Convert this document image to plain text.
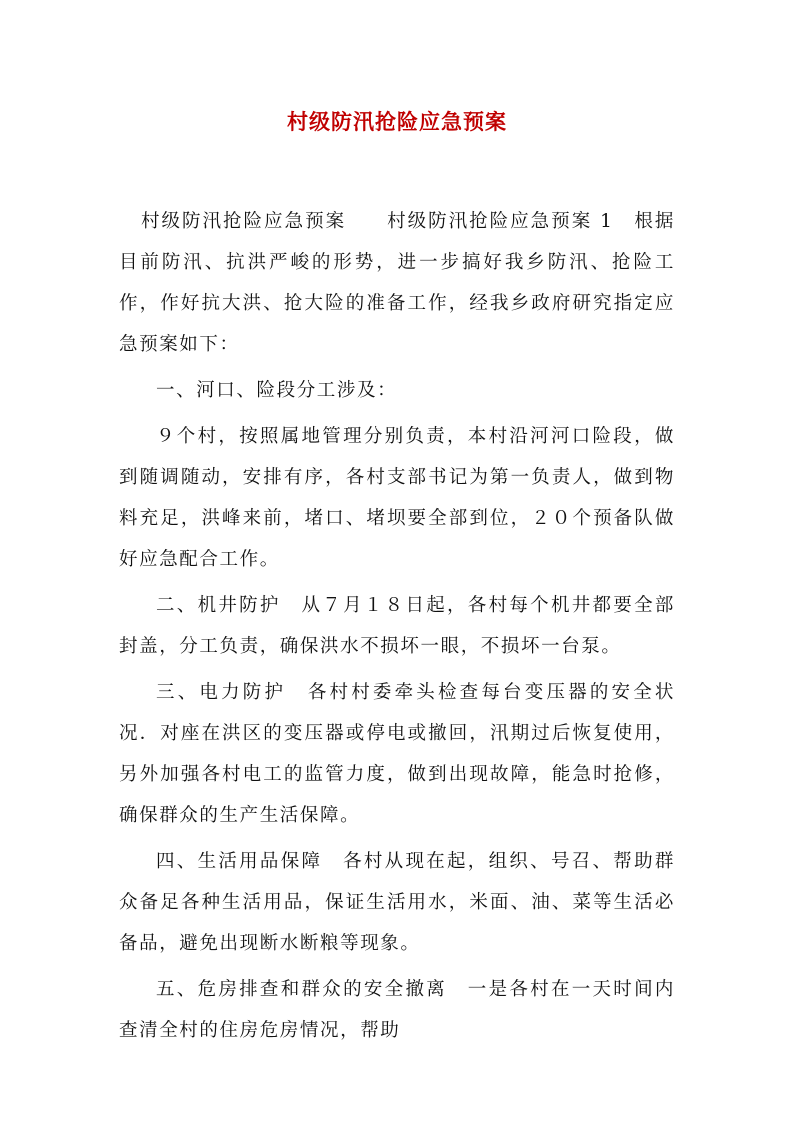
村级防汛抢险应急预案

村级防汛抢险应急预案　　村级防汛抢险应急预案 1　根据目前防汛、抗洪严峻的形势，进一步搞好我乡防汛、抢险工作，作好抗大洪、抢大险的准备工作，经我乡政府研究指定应急预案如下：

一、河口、险段分工涉及：

９个村，按照属地管理分别负责，本村沿河河口险段，做到随调随动，安排有序，各村支部书记为第一负责人，做到物料充足，洪峰来前，堵口、堵坝要全部到位，２０个预备队做好应急配合工作。

二、机井防护　从７月１８日起，各村每个机井都要全部封盖，分工负责，确保洪水不损坏一眼，不损坏一台泵。

三、电力防护　各村村委牵头检查每台变压器的安全状况．对座在洪区的变压器或停电或撤回，汛期过后恢复使用，另外加强各村电工的监管力度，做到出现故障，能急时抢修，确保群众的生产生活保障。

四、生活用品保障　各村从现在起，组织、号召、帮助群众备足各种生活用品，保证生活用水，米面、油、菜等生活必备品，避免出现断水断粮等现象。

五、危房排查和群众的安全撤离　一是各村在一天时间内查清全村的住房危房情况，帮助
